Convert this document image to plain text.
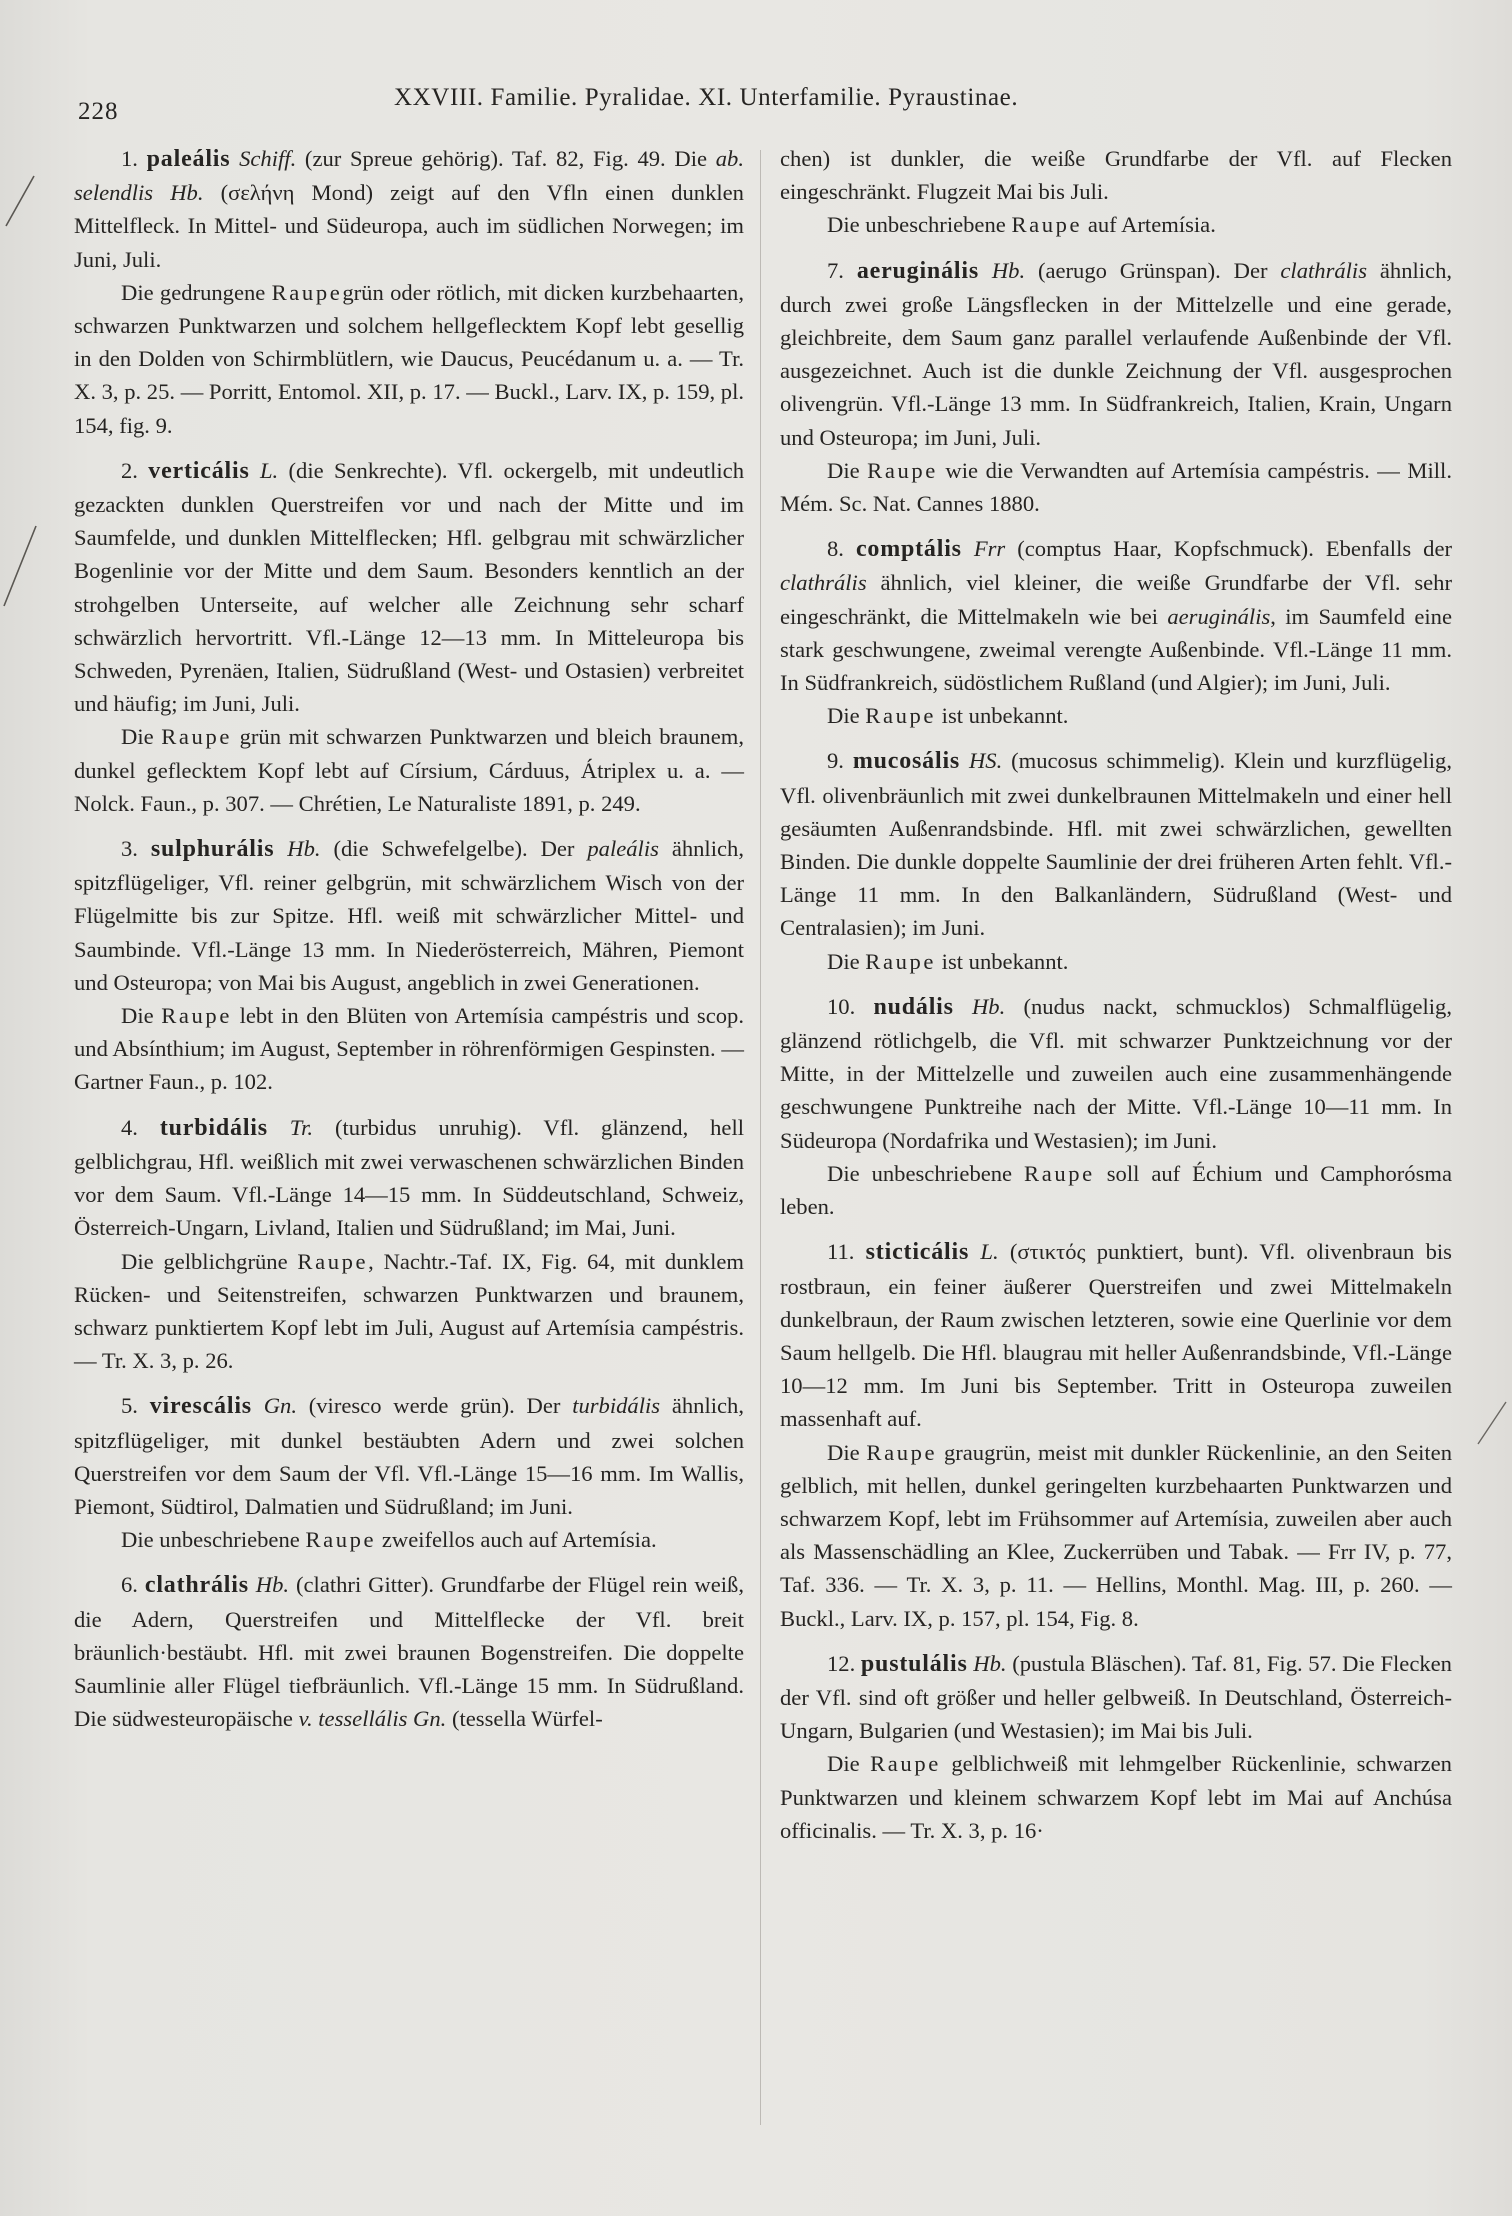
228
XXVIII. Familie. Pyralidae. XI. Unterfamilie. Pyraustinae.

1. paleális Schiff. (zur Spreue gehörig). Taf. 82, Fig. 49. Die ab. selendlis Hb. (σελήνη Mond) zeigt auf den Vfln einen dunklen Mittelfleck. In Mittel- und Südeuropa, auch im südlichen Norwegen; im Juni, Juli.

Die gedrungene Raupegrün oder rötlich, mit dicken kurzbehaarten, schwarzen Punktwarzen und solchem hellgeflecktem Kopf lebt gesellig in den Dolden von Schirmblütlern, wie Daucus, Peucédanum u. a. — Tr. X. 3, p. 25. — Porritt, Entomol. XII, p. 17. — Buckl., Larv. IX, p. 159, pl. 154, fig. 9.

2. verticális L. (die Senkrechte). Vfl. ockergelb, mit undeutlich gezackten dunklen Querstreifen vor und nach der Mitte und im Saumfelde, und dunklen Mittelflecken; Hfl. gelbgrau mit schwärzlicher Bogenlinie vor der Mitte und dem Saum. Besonders kenntlich an der strohgelben Unterseite, auf welcher alle Zeichnung sehr scharf schwärzlich hervortritt. Vfl.-Länge 12—13 mm. In Mitteleuropa bis Schweden, Pyrenäen, Italien, Südrußland (West- und Ostasien) verbreitet und häufig; im Juni, Juli.

Die Raupe grün mit schwarzen Punktwarzen und bleich braunem, dunkel geflecktem Kopf lebt auf Círsium, Cárduus, Átriplex u. a. — Nolck. Faun., p. 307. — Chrétien, Le Naturaliste 1891, p. 249.

3. sulphurális Hb. (die Schwefelgelbe). Der paleális ähnlich, spitzflügeliger, Vfl. reiner gelbgrün, mit schwärzlichem Wisch von der Flügelmitte bis zur Spitze. Hfl. weiß mit schwärzlicher Mittel- und Saumbinde. Vfl.-Länge 13 mm. In Niederösterreich, Mähren, Piemont und Osteuropa; von Mai bis August, angeblich in zwei Generationen.

Die Raupe lebt in den Blüten von Artemísia campéstris und scop. und Absínthium; im August, September in röhrenförmigen Gespinsten. — Gartner Faun., p. 102.

4. turbidális Tr. (turbidus unruhig). Vfl. glänzend, hell gelblichgrau, Hfl. weißlich mit zwei verwaschenen schwärzlichen Binden vor dem Saum. Vfl.-Länge 14—15 mm. In Süddeutschland, Schweiz, Österreich-Ungarn, Livland, Italien und Südrußland; im Mai, Juni.

Die gelblichgrüne Raupe, Nachtr.-Taf. IX, Fig. 64, mit dunklem Rücken- und Seitenstreifen, schwarzen Punktwarzen und braunem, schwarz punktiertem Kopf lebt im Juli, August auf Artemísia campéstris. — Tr. X. 3, p. 26.

5. virescális Gn. (viresco werde grün). Der turbidális ähnlich, spitzflügeliger, mit dunkel bestäubten Adern und zwei solchen Querstreifen vor dem Saum der Vfl. Vfl.-Länge 15—16 mm. Im Wallis, Piemont, Südtirol, Dalmatien und Südrußland; im Juni.

Die unbeschriebene Raupe zweifellos auch auf Artemísia.

6. clathrális Hb. (clathri Gitter). Grundfarbe der Flügel rein weiß, die Adern, Querstreifen und Mittelflecke der Vfl. breit bräunlich·bestäubt. Hfl. mit zwei braunen Bogenstreifen. Die doppelte Saumlinie aller Flügel tiefbräunlich. Vfl.-Länge 15 mm. In Südrußland. Die südwesteuropäische v. tessellális Gn. (tessella Würfel-

chen) ist dunkler, die weiße Grundfarbe der Vfl. auf Flecken eingeschränkt. Flugzeit Mai bis Juli.

Die unbeschriebene Raupe auf Artemísia.

7. aeruginális Hb. (aerugo Grünspan). Der clathrális ähnlich, durch zwei große Längsflecken in der Mittelzelle und eine gerade, gleichbreite, dem Saum ganz parallel verlaufende Außenbinde der Vfl. ausgezeichnet. Auch ist die dunkle Zeichnung der Vfl. ausgesprochen olivengrün. Vfl.-Länge 13 mm. In Südfrankreich, Italien, Krain, Ungarn und Osteuropa; im Juni, Juli.

Die Raupe wie die Verwandten auf Artemísia campéstris. — Mill. Mém. Sc. Nat. Cannes 1880.

8. comptális Frr (comptus Haar, Kopfschmuck). Ebenfalls der clathrális ähnlich, viel kleiner, die weiße Grundfarbe der Vfl. sehr eingeschränkt, die Mittelmakeln wie bei aeruginális, im Saumfeld eine stark geschwungene, zweimal verengte Außenbinde. Vfl.-Länge 11 mm. In Südfrankreich, südöstlichem Rußland (und Algier); im Juni, Juli.

Die Raupe ist unbekannt.

9. mucosális HS. (mucosus schimmelig). Klein und kurzflügelig, Vfl. olivenbräunlich mit zwei dunkelbraunen Mittelmakeln und einer hell gesäumten Außenrandsbinde. Hfl. mit zwei schwärzlichen, gewellten Binden. Die dunkle doppelte Saumlinie der drei früheren Arten fehlt. Vfl.-Länge 11 mm. In den Balkanländern, Südrußland (West- und Centralasien); im Juni.

Die Raupe ist unbekannt.

10. nudális Hb. (nudus nackt, schmucklos) Schmalflügelig, glänzend rötlichgelb, die Vfl. mit schwarzer Punktzeichnung vor der Mitte, in der Mittelzelle und zuweilen auch eine zusammenhängende geschwungene Punktreihe nach der Mitte. Vfl.-Länge 10—11 mm. In Südeuropa (Nordafrika und Westasien); im Juni.

Die unbeschriebene Raupe soll auf Échium und Camphorósma leben.

11. sticticális L. (στικτός punktiert, bunt). Vfl. olivenbraun bis rostbraun, ein feiner äußerer Querstreifen und zwei Mittelmakeln dunkelbraun, der Raum zwischen letzteren, sowie eine Querlinie vor dem Saum hellgelb. Die Hfl. blaugrau mit heller Außenrandsbinde, Vfl.-Länge 10—12 mm. Im Juni bis September. Tritt in Osteuropa zuweilen massenhaft auf.

Die Raupe graugrün, meist mit dunkler Rückenlinie, an den Seiten gelblich, mit hellen, dunkel geringelten kurzbehaarten Punktwarzen und schwarzem Kopf, lebt im Frühsommer auf Artemísia, zuweilen aber auch als Massenschädling an Klee, Zuckerrüben und Tabak. — Frr IV, p. 77, Taf. 336. — Tr. X. 3, p. 11. — Hellins, Monthl. Mag. III, p. 260. — Buckl., Larv. IX, p. 157, pl. 154, Fig. 8.

12. pustulális Hb. (pustula Bläschen). Taf. 81, Fig. 57. Die Flecken der Vfl. sind oft größer und heller gelbweiß. In Deutschland, Österreich-Ungarn, Bulgarien (und Westasien); im Mai bis Juli.

Die Raupe gelblichweiß mit lehmgelber Rückenlinie, schwarzen Punktwarzen und kleinem schwarzem Kopf lebt im Mai auf Anchúsa officinalis. — Tr. X. 3, p. 16·
